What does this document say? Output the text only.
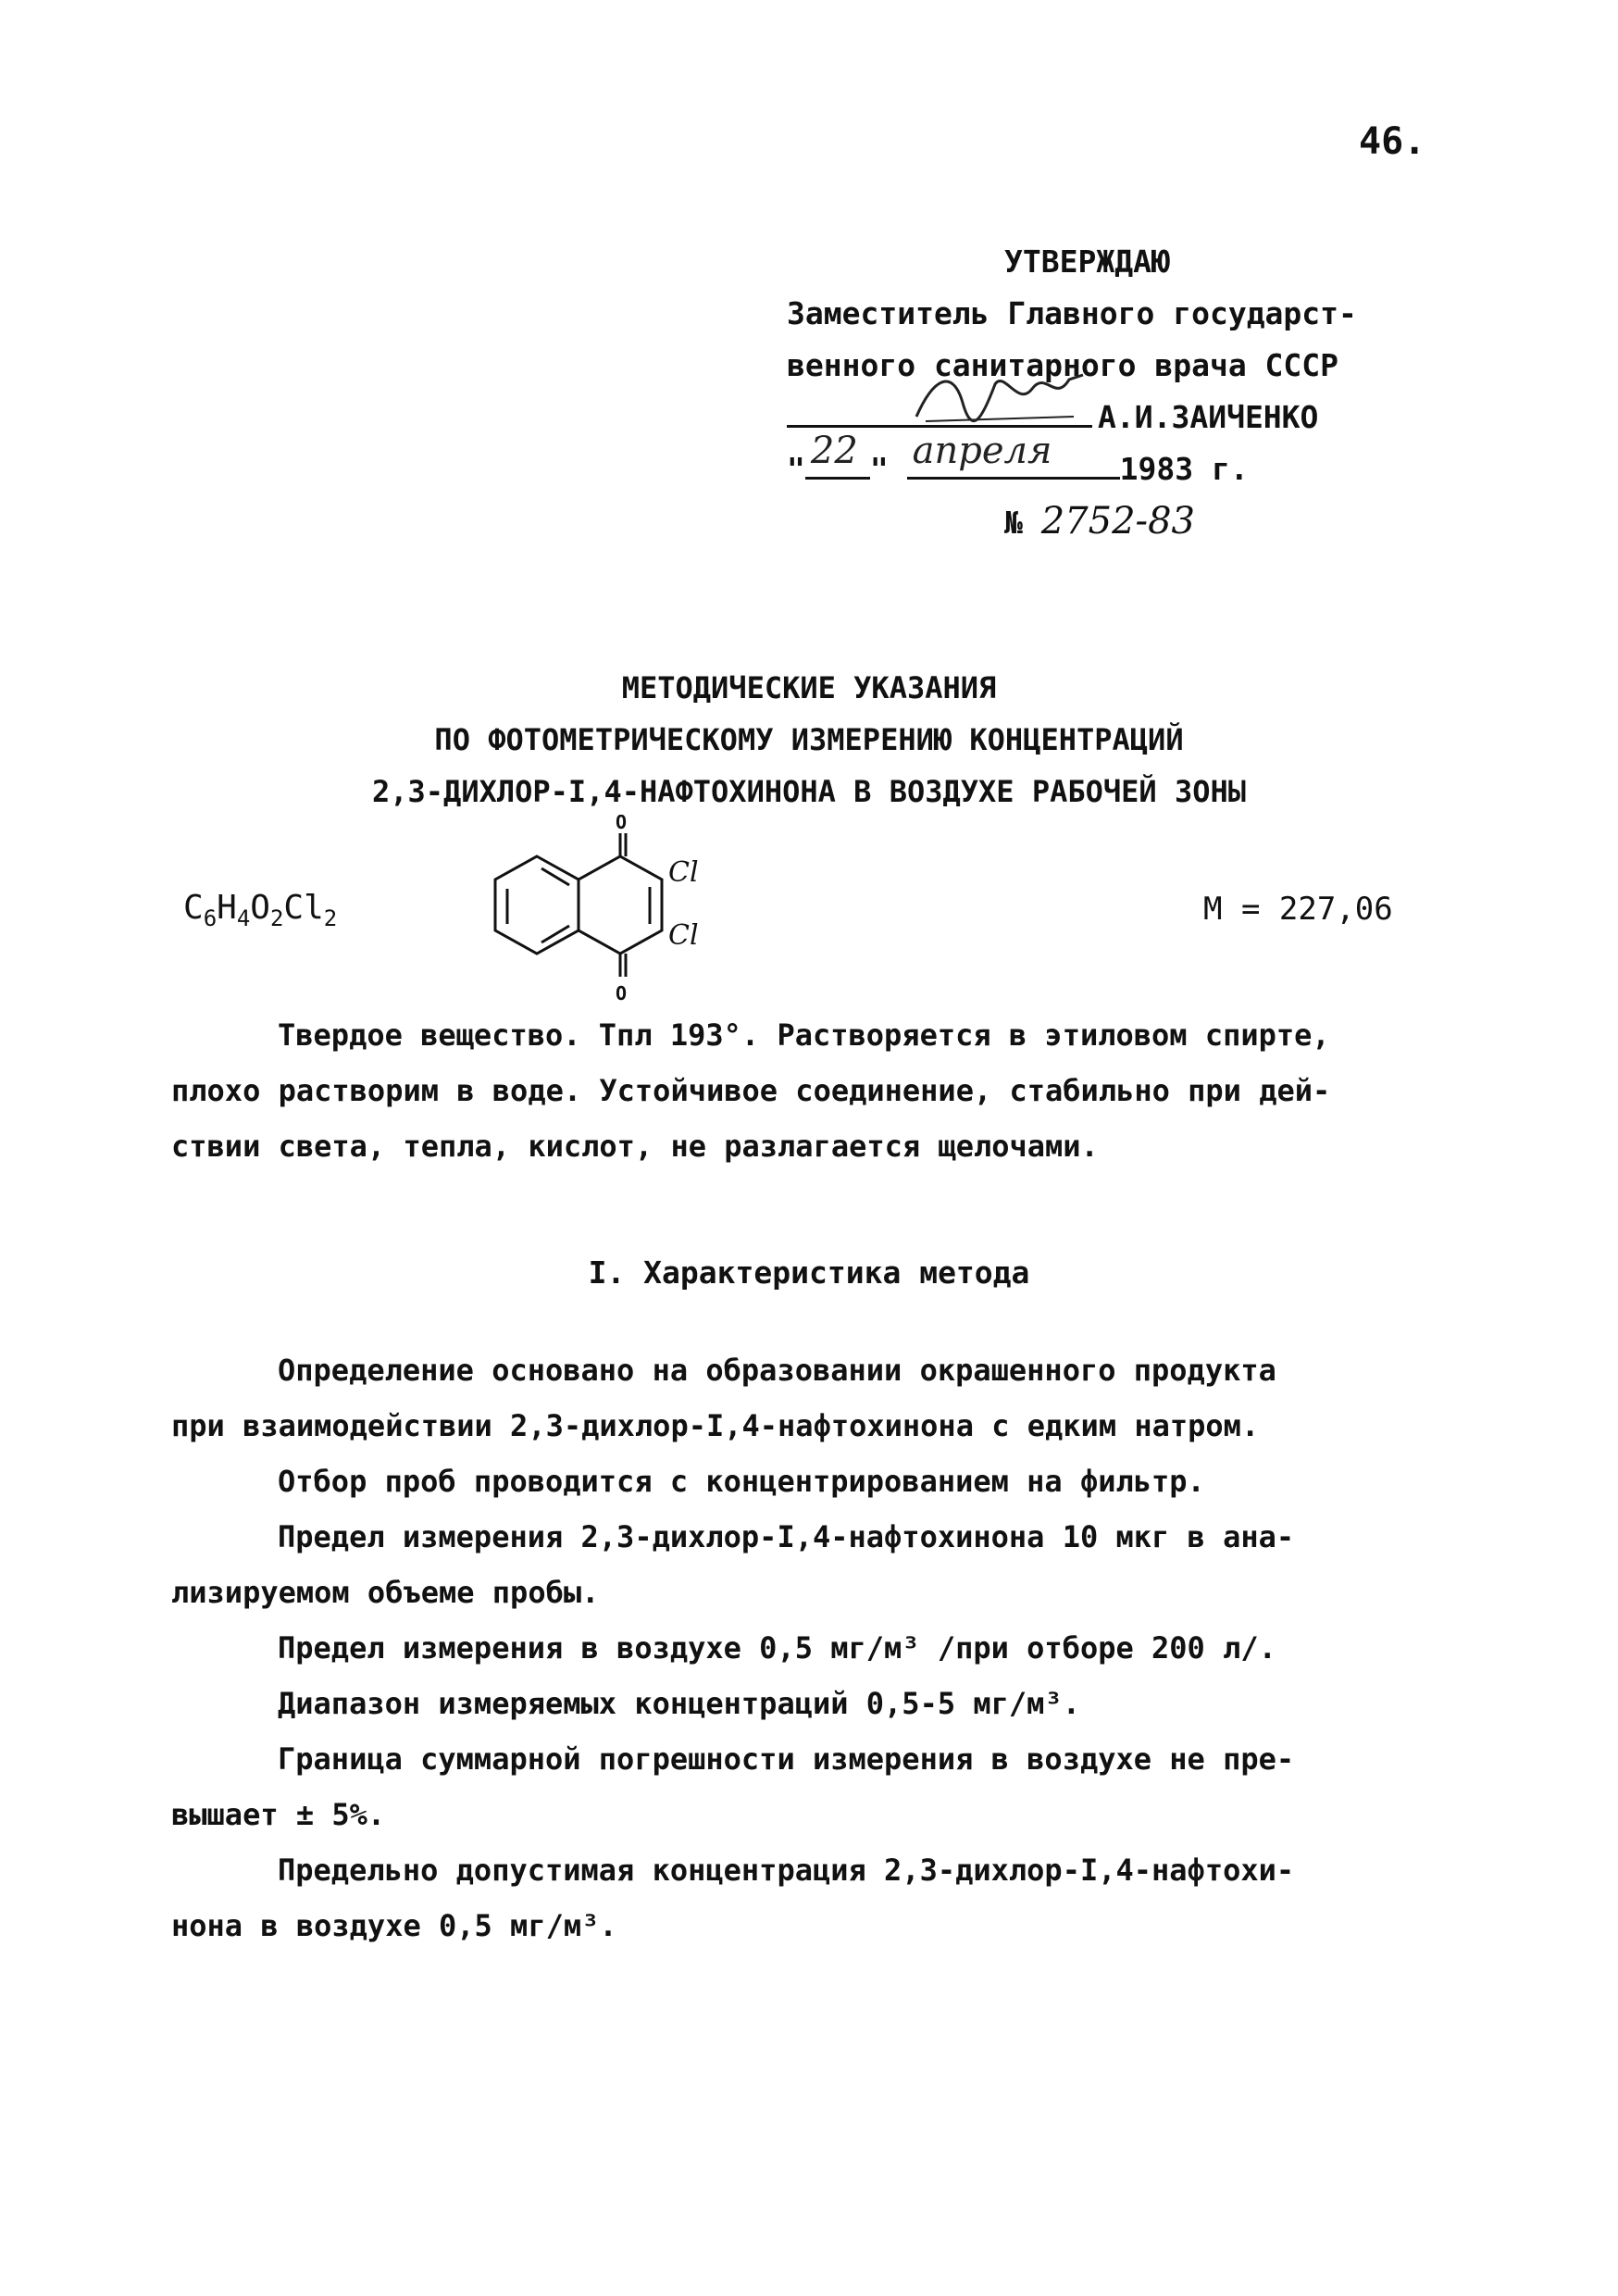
46.
УТВЕРЖДАЮ
Заместитель Главного государст-
венного санитарного врача СССР
А.И.ЗАИЧЕНКО
" 22 " апреля 1983 г.
№ 2752-83
МЕТОДИЧЕСКИЕ УКАЗАНИЯ
ПО ФОТОМЕТРИЧЕСКОМУ ИЗМЕРЕНИЮ КОНЦЕНТРАЦИЙ
2,3-ДИХЛОР-I,4-НАФТОХИНОНА В ВОЗДУХЕ РАБОЧЕЙ ЗОНЫ
O
O
Cl
Cl
$C_6H_4O_2Cl_2$	М = 227,06
Твердое вещество. Тпл 193°. Растворяется в этиловом спирте,
плохо растворим в воде. Устойчивое соединение, стабильно при дей-
ствии света, тепла, кислот, не разлагается щелочами.
I. Характеристика метода
Определение основано на образовании окрашенного продукта
при взаимодействии 2,3-дихлор-I,4-нафтохинона с едким натром.
Отбор проб проводится с концентрированием на фильтр.
Предел измерения 2,3-дихлор-I,4-нафтохинона 10 мкг в ана-
лизируемом объеме пробы.
Предел измерения в воздухе 0,5 мг/м³ /при отборе 200 л/.
Диапазон измеряемых концентраций 0,5-5 мг/м³.
Граница суммарной погрешности измерения в воздухе не пре-
вышает ± 5%.
Предельно допустимая концентрация 2,3-дихлор-I,4-нафтохи-
нона в воздухе 0,5 мг/м³.
